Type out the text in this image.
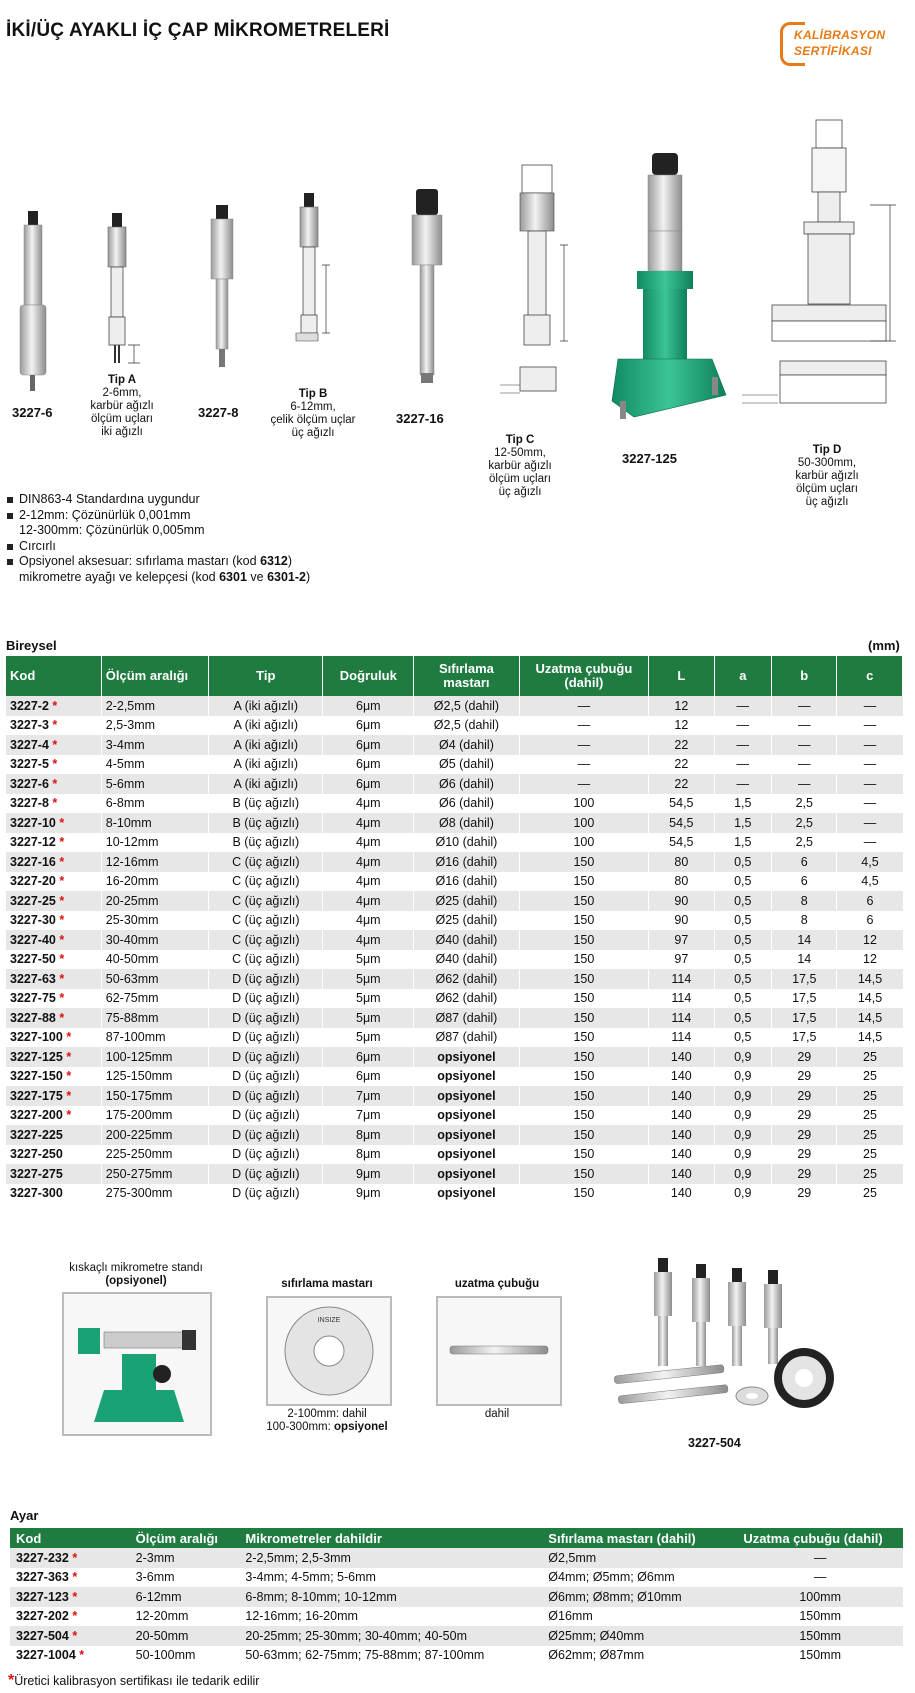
İKİ/ÜÇ AYAKLI İÇ ÇAP MİKROMETRELERİ	KALİBRASYON
SERTİFİKASI
3227-6
Tip A
2-6mm,
karbür ağızlı
ölçüm uçları
iki ağızlı
3227-8
Tip B
6-12mm,
çelik ölçüm uçlar
üç ağızlı
3227-16
Tip C
12-50mm,
karbür ağızlı
ölçüm uçları
üç ağızlı
3227-125
Tip D
50-300mm,
karbür ağızlı
ölçüm uçları
üç ağızlı
DIN863-4 Standardına uygundur
2-12mm: Çözünürlük 0,001mm
12-300mm: Çözünürlük 0,005mm
Cırcırlı
Opsiyonel aksesuar: sıfırlama mastarı (kod 6312)
mikrometre ayağı ve kelepçesi (kod 6301 ve 6301-2)
Bireysel	(mm)
Kod	Ölçüm aralığı	Tip	Doğruluk	Sıfırlama mastarı	Uzatma çubuğu (dahil)	L	a	b	c
3227-2 *	2-2,5mm	A (iki ağızlı)	6μm	Ø2,5 (dahil)	—	12	—	—	—
3227-3 *	2,5-3mm	A (iki ağızlı)	6μm	Ø2,5 (dahil)	—	12	—	—	—
3227-4 *	3-4mm	A (iki ağızlı)	6μm	Ø4 (dahil)	—	22	—	—	—
3227-5 *	4-5mm	A (iki ağızlı)	6μm	Ø5 (dahil)	—	22	—	—	—
3227-6 *	5-6mm	A (iki ağızlı)	6μm	Ø6 (dahil)	—	22	—	—	—
3227-8 *	6-8mm	B (üç ağızlı)	4μm	Ø6 (dahil)	100	54,5	1,5	2,5	—
3227-10 *	8-10mm	B (üç ağızlı)	4μm	Ø8 (dahil)	100	54,5	1,5	2,5	—
3227-12 *	10-12mm	B (üç ağızlı)	4μm	Ø10 (dahil)	100	54,5	1,5	2,5	—
3227-16 *	12-16mm	C (üç ağızlı)	4μm	Ø16 (dahil)	150	80	0,5	6	4,5
3227-20 *	16-20mm	C (üç ağızlı)	4μm	Ø16 (dahil)	150	80	0,5	6	4,5
3227-25 *	20-25mm	C (üç ağızlı)	4μm	Ø25 (dahil)	150	90	0,5	8	6
3227-30 *	25-30mm	C (üç ağızlı)	4μm	Ø25 (dahil)	150	90	0,5	8	6
3227-40 *	30-40mm	C (üç ağızlı)	4μm	Ø40 (dahil)	150	97	0,5	14	12
3227-50 *	40-50mm	C (üç ağızlı)	5μm	Ø40 (dahil)	150	97	0,5	14	12
3227-63 *	50-63mm	D (üç ağızlı)	5μm	Ø62 (dahil)	150	114	0,5	17,5	14,5
3227-75 *	62-75mm	D (üç ağızlı)	5μm	Ø62 (dahil)	150	114	0,5	17,5	14,5
3227-88 *	75-88mm	D (üç ağızlı)	5μm	Ø87 (dahil)	150	114	0,5	17,5	14,5
3227-100 *	87-100mm	D (üç ağızlı)	5μm	Ø87 (dahil)	150	114	0,5	17,5	14,5
3227-125 *	100-125mm	D (üç ağızlı)	6μm	opsiyonel	150	140	0,9	29	25
3227-150 *	125-150mm	D (üç ağızlı)	6μm	opsiyonel	150	140	0,9	29	25
3227-175 *	150-175mm	D (üç ağızlı)	7μm	opsiyonel	150	140	0,9	29	25
3227-200 *	175-200mm	D (üç ağızlı)	7μm	opsiyonel	150	140	0,9	29	25
3227-225	200-225mm	D (üç ağızlı)	8μm	opsiyonel	150	140	0,9	29	25
3227-250	225-250mm	D (üç ağızlı)	8μm	opsiyonel	150	140	0,9	29	25
3227-275	250-275mm	D (üç ağızlı)	9μm	opsiyonel	150	140	0,9	29	25
3227-300	275-300mm	D (üç ağızlı)	9μm	opsiyonel	150	140	0,9	29	25
kıskaçlı mikrometre standı
(opsiyonel)	sıfırlama mastarı
INSIZE
2-100mm: dahil
100-300mm: opsiyonel
uzatma çubuğu
dahil
3227-504
Ayar
Kod	Ölçüm aralığı	Mikrometreler dahildir	Sıfırlama mastarı (dahil)	Uzatma çubuğu (dahil)
3227-232 *	2-3mm	2-2,5mm; 2,5-3mm	Ø2,5mm	—
3227-363 *	3-6mm	3-4mm; 4-5mm; 5-6mm	Ø4mm; Ø5mm; Ø6mm	—
3227-123 *	6-12mm	6-8mm; 8-10mm; 10-12mm	Ø6mm; Ø8mm; Ø10mm	100mm
3227-202 *	12-20mm	12-16mm; 16-20mm	Ø16mm	150mm
3227-504 *	20-50mm	20-25mm; 25-30mm; 30-40mm; 40-50m	Ø25mm; Ø40mm	150mm
3227-1004 *	50-100mm	50-63mm; 62-75mm; 75-88mm; 87-100mm	Ø62mm; Ø87mm	150mm
*Üretici kalibrasyon sertifikası ile tedarik edilir
